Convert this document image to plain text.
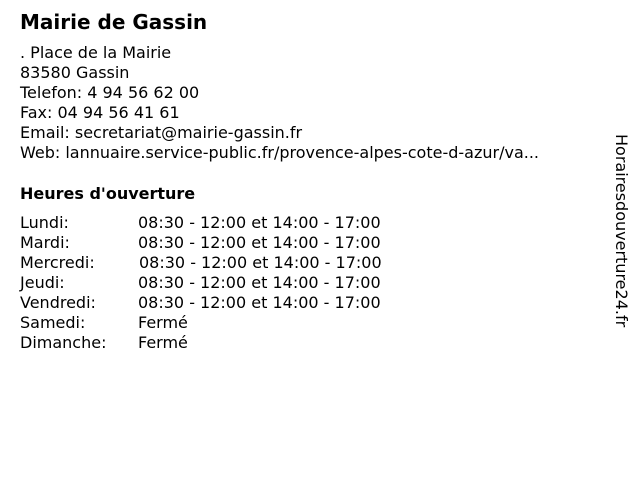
Mairie de Gassin
. Place de la Mairie
83580 Gassin
Telefon: 4 94 56 62 00
Fax: 04 94 56 41 61
Email: secretariat@mairie-gassin.fr
Web: lannuaire.service-public.fr/provence-alpes-cote-d-azur/va...
Heures d'ouverture
Lundi:	08:30 - 12:00 et 14:00 - 17:00
Mardi:	08:30 - 12:00 et 14:00 - 17:00
Mercredi:	08:30 - 12:00 et 14:00 - 17:00
Jeudi:	08:30 - 12:00 et 14:00 - 17:00
Vendredi:	08:30 - 12:00 et 14:00 - 17:00
Samedi:	Fermé
Dimanche: Fermé
Horairesdouverture24.fr
